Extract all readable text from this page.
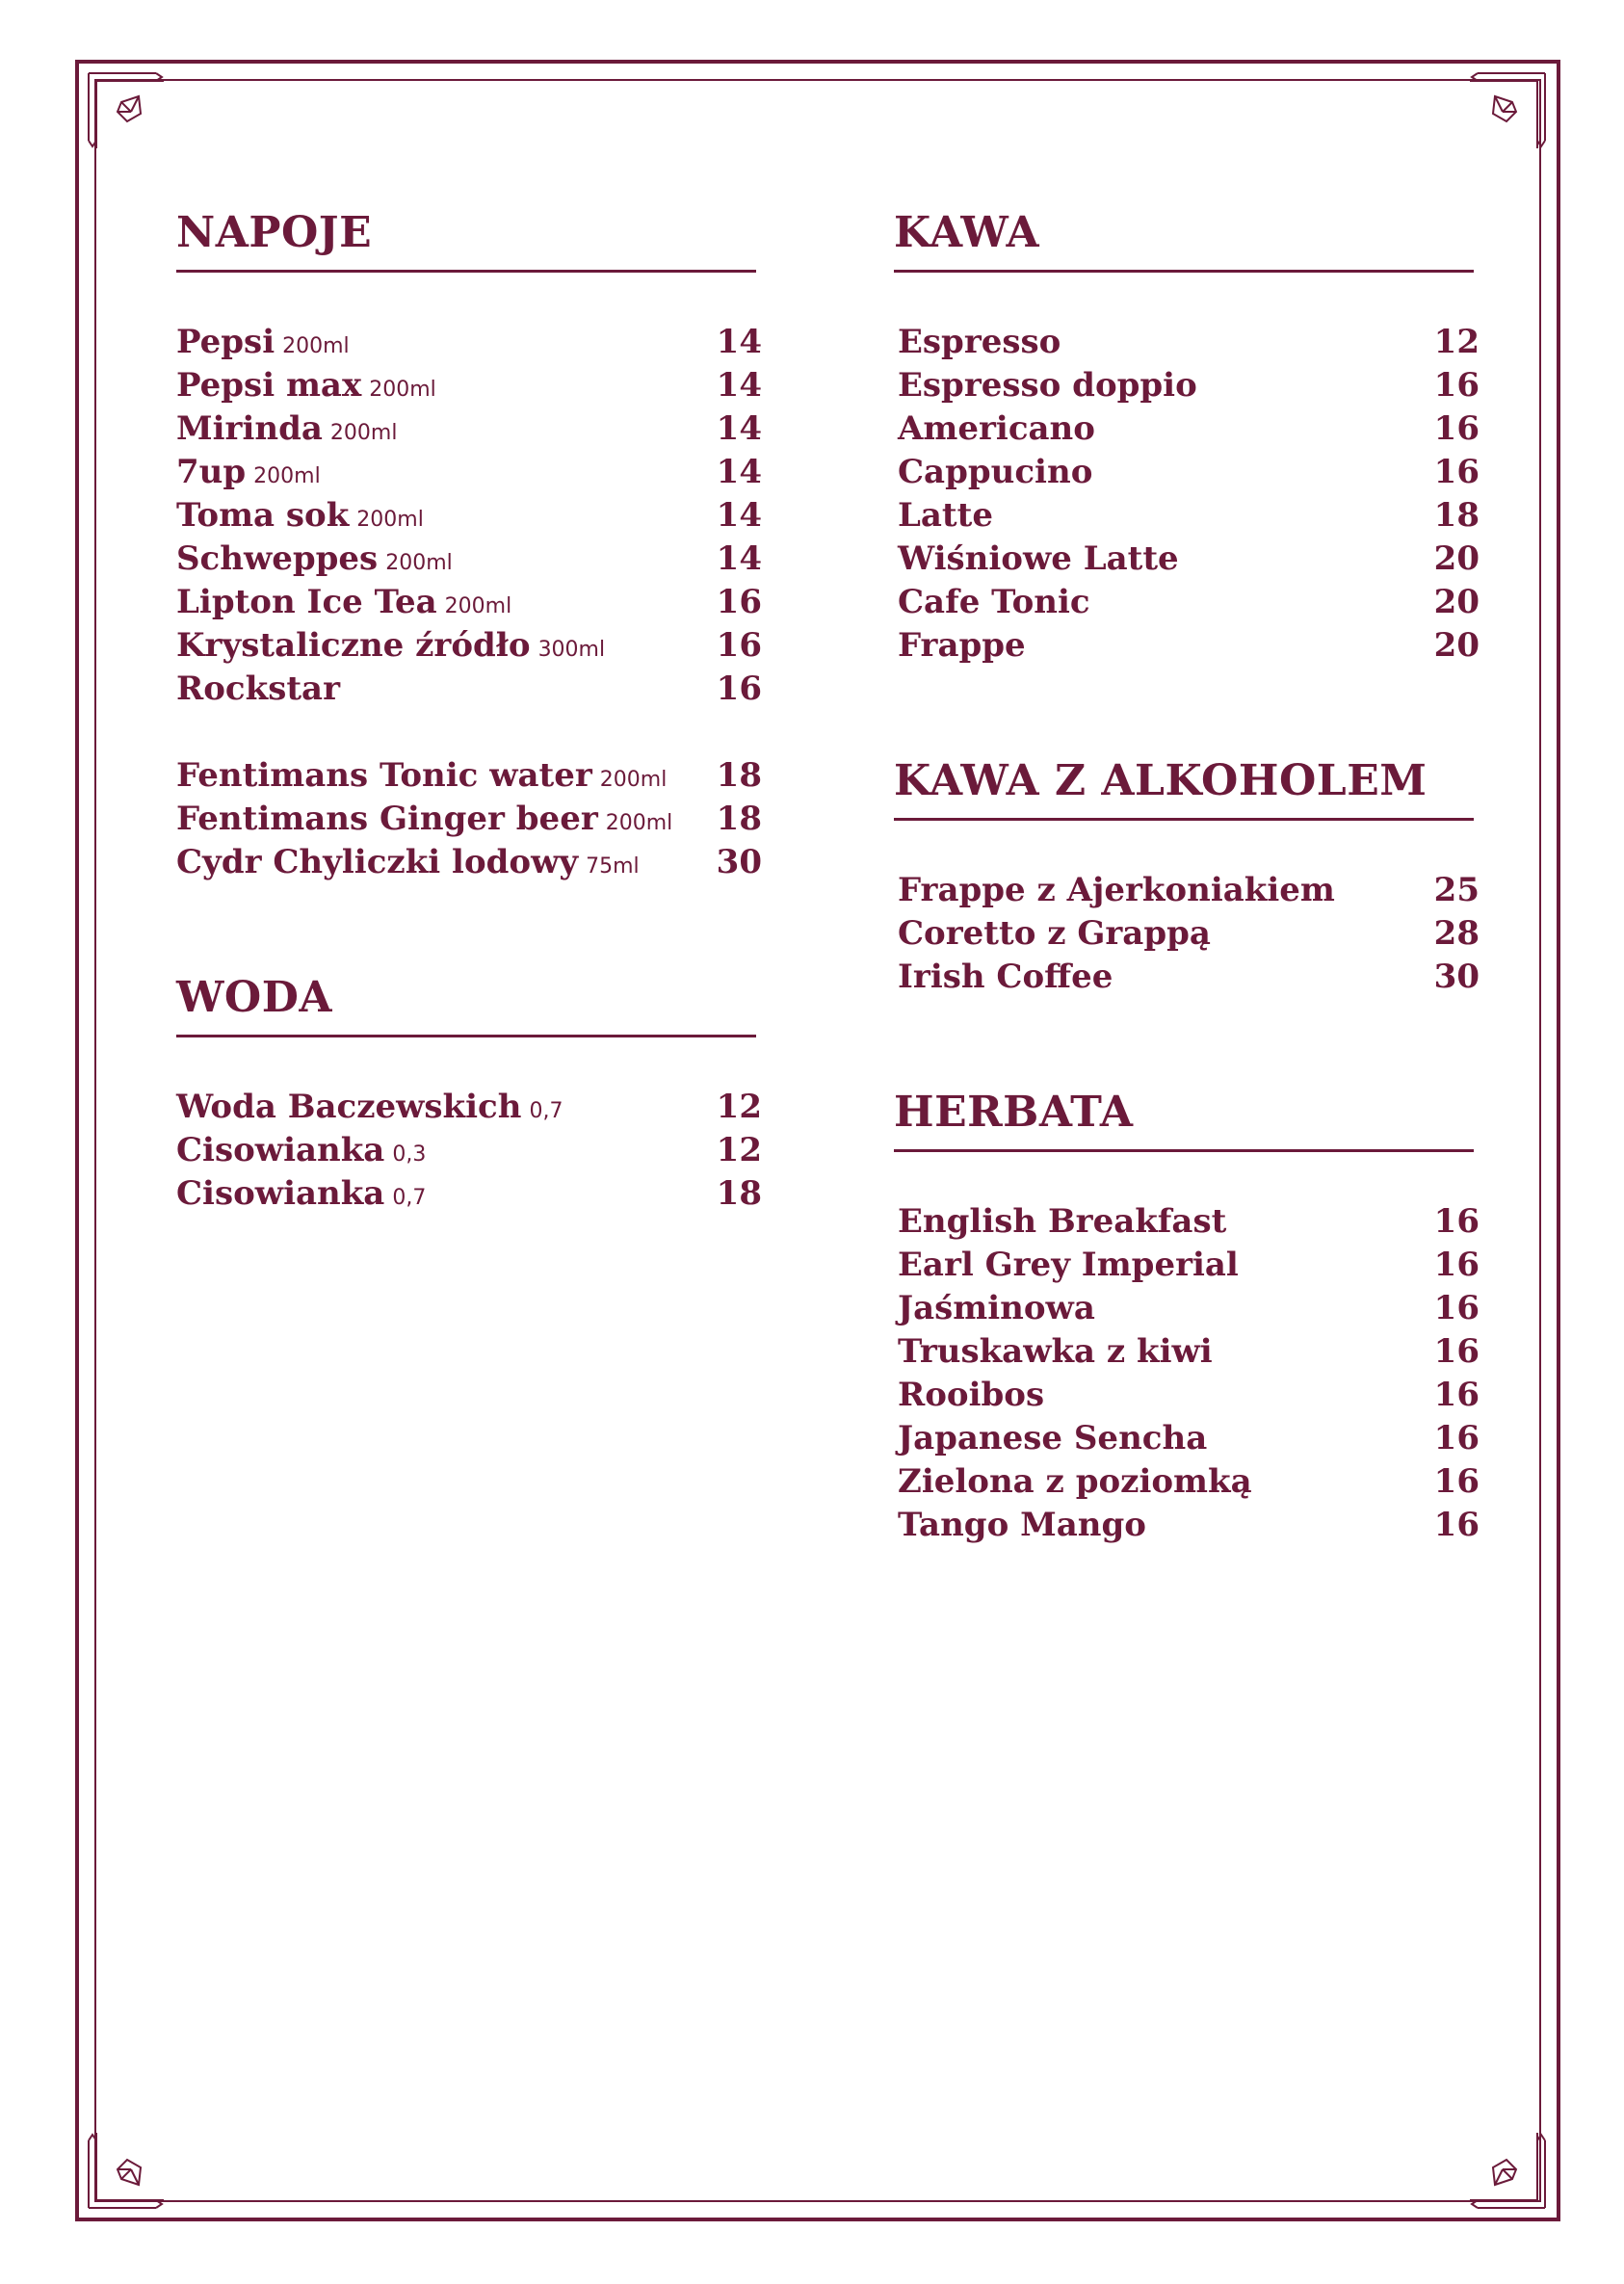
NAPOJE
Pepsi 200ml	14
Pepsi max 200ml	14
Mirinda 200ml	14
7up 200ml	14
Toma sok 200ml	14
Schweppes 200ml	14
Lipton Ice Tea 200ml	16
Krystaliczne źródło 300ml	16
Rockstar	16
Fentimans Tonic water 200ml 18
Fentimans Ginger beer 200ml 18
Cydr Chyliczki lodowy 75ml 30
WODA
Woda Baczewskich 0,7	12
Cisowianka 0,3	12
Cisowianka 0,7	18
KAWA
Espresso	12
Espresso doppio	16
Americano	16
Cappucino	16
Latte	18
Wiśniowe Latte	20
Cafe Tonic	20
Frappe	20
KAWA Z ALKOHOLEM
Frappe z Ajerkoniakiem	25
Coretto z Grappą	28
Irish Coffee	30
HERBATA
English Breakfast	16
Earl Grey Imperial	16
Jaśminowa	16
Truskawka z kiwi	16
Rooibos	16
Japanese Sencha	16
Zielona z poziomką	16
Tango Mango	16
